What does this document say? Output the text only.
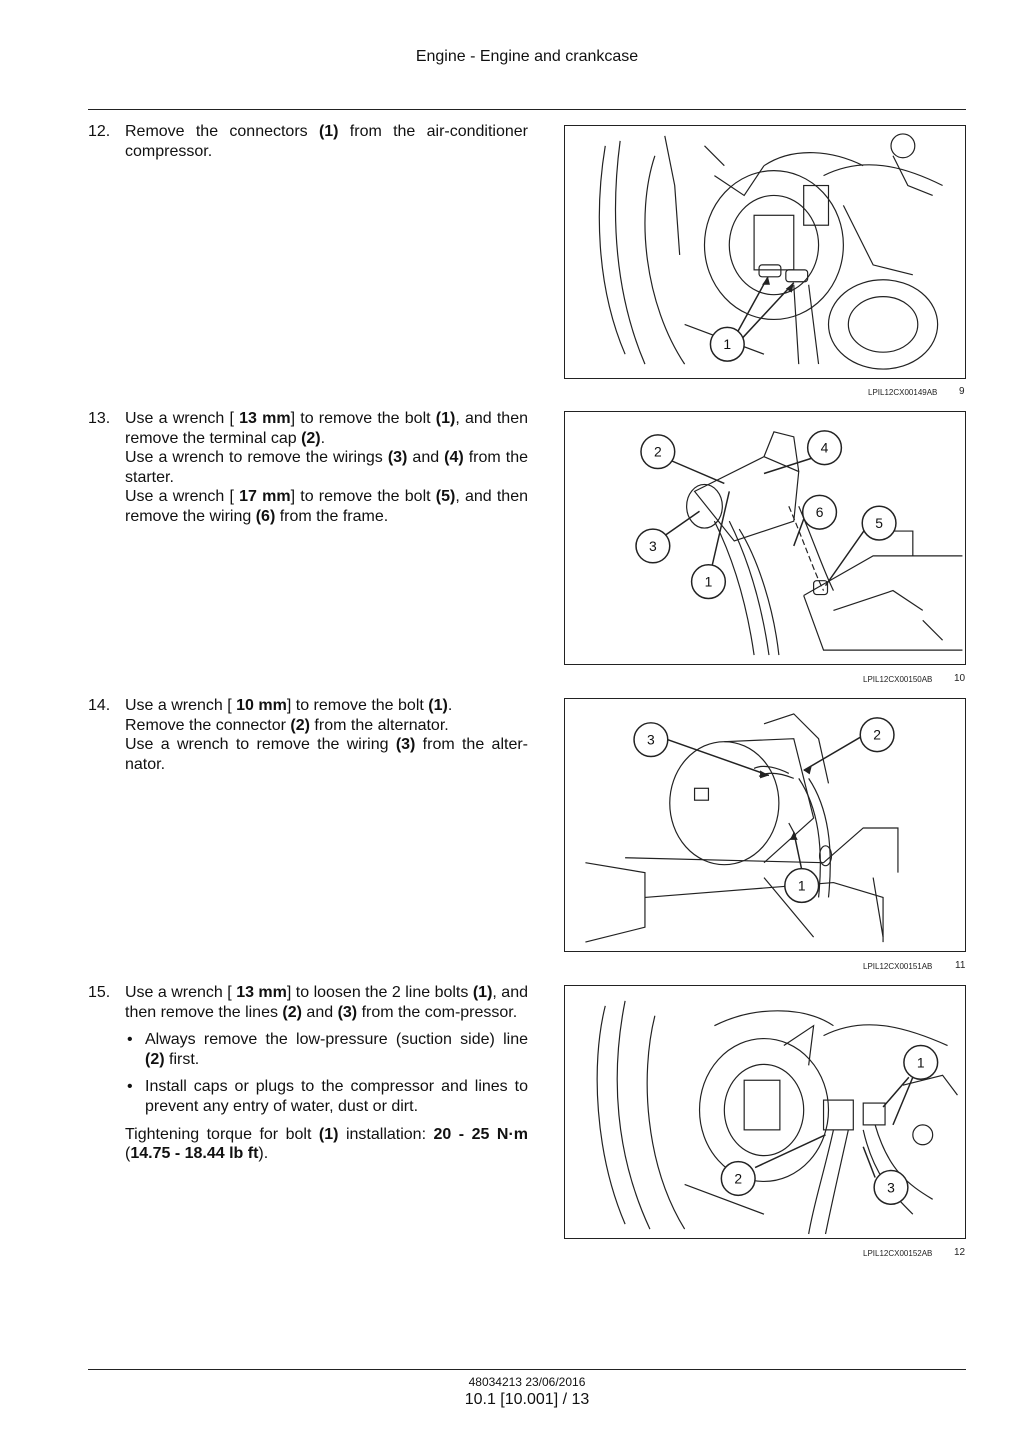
Engine - Engine and crankcase
12. Remove the connectors (1) from the air-conditioner compressor.

1
LPIL12CX00149AB 9
13. Use a wrench [ 13 mm] to remove the bolt (1), and then remove the terminal cap (2).

Use a wrench to remove the wirings (3) and (4) from the starter.

Use a wrench [ 17 mm] to remove the bolt (5), and then remove the wiring (6) from the frame.

2	4
6
5
3
1
LPIL12CX00150AB 10
14. Use a wrench [ 10 mm] to remove the bolt (1).

Remove the connector (2) from the alternator.

Use a wrench to remove the wiring (3) from the alter-nator.

3	2
1
LPIL12CX00151AB 11
15. Use a wrench [ 13 mm] to loosen the 2 line bolts (1), and then remove the lines (2) and (3) from the com-pressor.

• Always remove the low-pressure (suction side) line (2) first.
• Install caps or plugs to the compressor and lines to prevent any entry of water, dust or dirt.

Tightening torque for bolt (1) installation: 20 - 25 N·m (14.75 - 18.44 lb ft).

1
2
3
LPIL12CX00152AB 12
48034213 23/06/2016
10.1 [10.001] / 13
